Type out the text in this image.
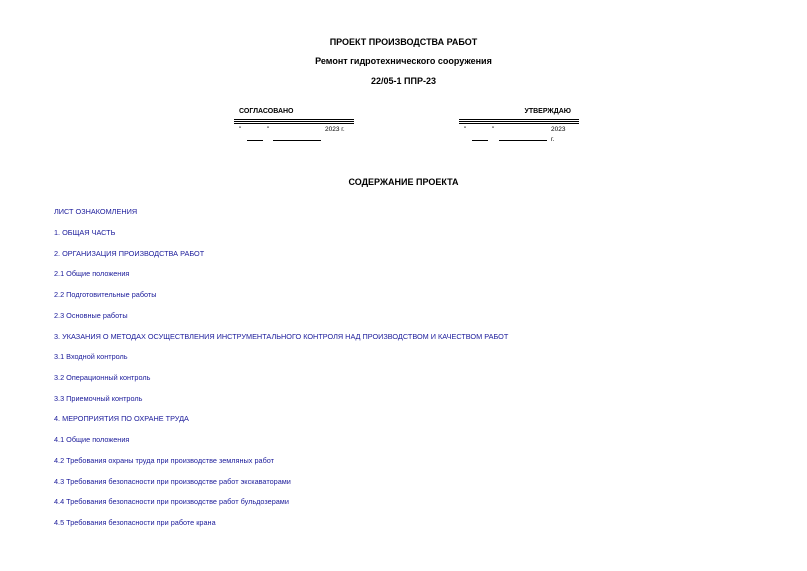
ПРОЕКТ ПРОИЗВОДСТВА РАБОТ
Ремонт гидротехнического сооружения
22/05-1 ППР-23
СОГЛАСОВАНО
"	"	2023 г.
УТВЕРЖДАЮ
"	"	2023
г.
СОДЕРЖАНИЕ ПРОЕКТА
ЛИСТ ОЗНАКОМЛЕНИЯ
1. ОБЩАЯ ЧАСТЬ
2. ОРГАНИЗАЦИЯ ПРОИЗВОДСТВА РАБОТ
2.1 Общие положения
2.2 Подготовительные работы
2.3 Основные работы
3. УКАЗАНИЯ О МЕТОДАХ ОСУЩЕСТВЛЕНИЯ ИНСТРУМЕНТАЛЬНОГО КОНТРОЛЯ НАД ПРОИЗВОДСТВОМ И КАЧЕСТВОМ РАБОТ
3.1 Входной контроль
3.2 Операционный контроль
3.3 Приемочный контроль
4. МЕРОПРИЯТИЯ ПО ОХРАНЕ ТРУДА
4.1 Общие положения
4.2 Требования охраны труда при производстве земляных работ
4.3 Требования безопасности при производстве работ экскаваторами
4.4 Требования безопасности при производстве работ бульдозерами
4.5 Требования безопасности при работе крана
